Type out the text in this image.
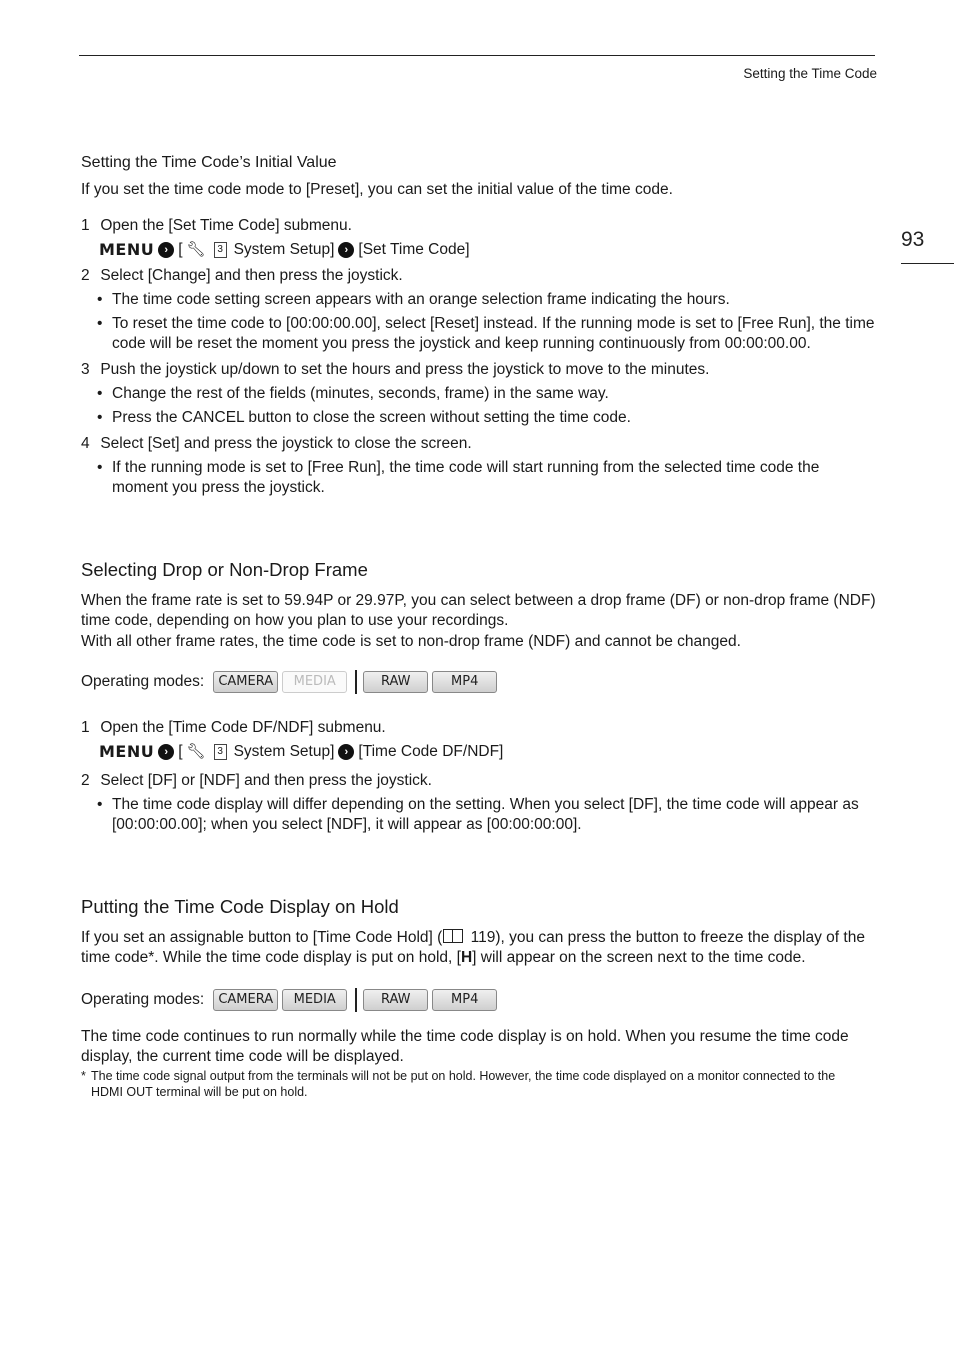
Setting the Time Code
93
Setting the Time Code’s Initial Value

If you set the time code mode to [Preset], you can set the initial value of the time code.

1 Open the [Set Time Code] submenu.
MENU › [ 🔧︎	3 System Setup] › [Set Time Code]
2 Select [Change] and then press the joystick.
• The time code setting screen appears with an orange selection frame indicating the hours.
• To reset the time code to [00:00:00.00], select [Reset] instead. If the running mode is set to [Free Run], the time code will be reset the moment you press the joystick and keep running continuously from 00:00:00.00.
3 Push the joystick up/down to set the hours and press the joystick to move to the minutes.
• Change the rest of the fields (minutes, seconds, frame) in the same way.
• Press the CANCEL button to close the screen without setting the time code.
4 Select [Set] and press the joystick to close the screen.
• If the running mode is set to [Free Run], the time code will start running from the selected time code the moment you press the joystick.
Selecting Drop or Non-Drop Frame

When the frame rate is set to 59.94P or 29.97P, you can select between a drop frame (DF) or non-drop frame (NDF) time code, depending on how you plan to use your recordings.

With all other frame rates, the time code is set to non-drop frame (NDF) and cannot be changed.

Operating modes:	CAMERA	MEDIA	RAW	MP4
1 Open the [Time Code DF/NDF] submenu.
MENU › [ 🔧︎	3 System Setup] › [Time Code DF/NDF]
2 Select [DF] or [NDF] and then press the joystick.
• The time code display will differ depending on the setting. When you select [DF], the time code will appear as [00:00:00.00]; when you select [NDF], it will appear as [00:00:00:00].
Putting the Time Code Display on Hold

If you set an assignable button to [Time Code Hold] ( 119), you can press the button to freeze the display of the time code*. While the time code display is put on hold, [H] will appear on the screen next to the time code.

Operating modes:	CAMERA	MEDIA	RAW	MP4

The time code continues to run normally while the time code display is on hold. When you resume the time code display, the current time code will be displayed.

* The time code signal output from the terminals will not be put on hold. However, the time code displayed on a monitor connected to the HDMI OUT terminal will be put on hold.
